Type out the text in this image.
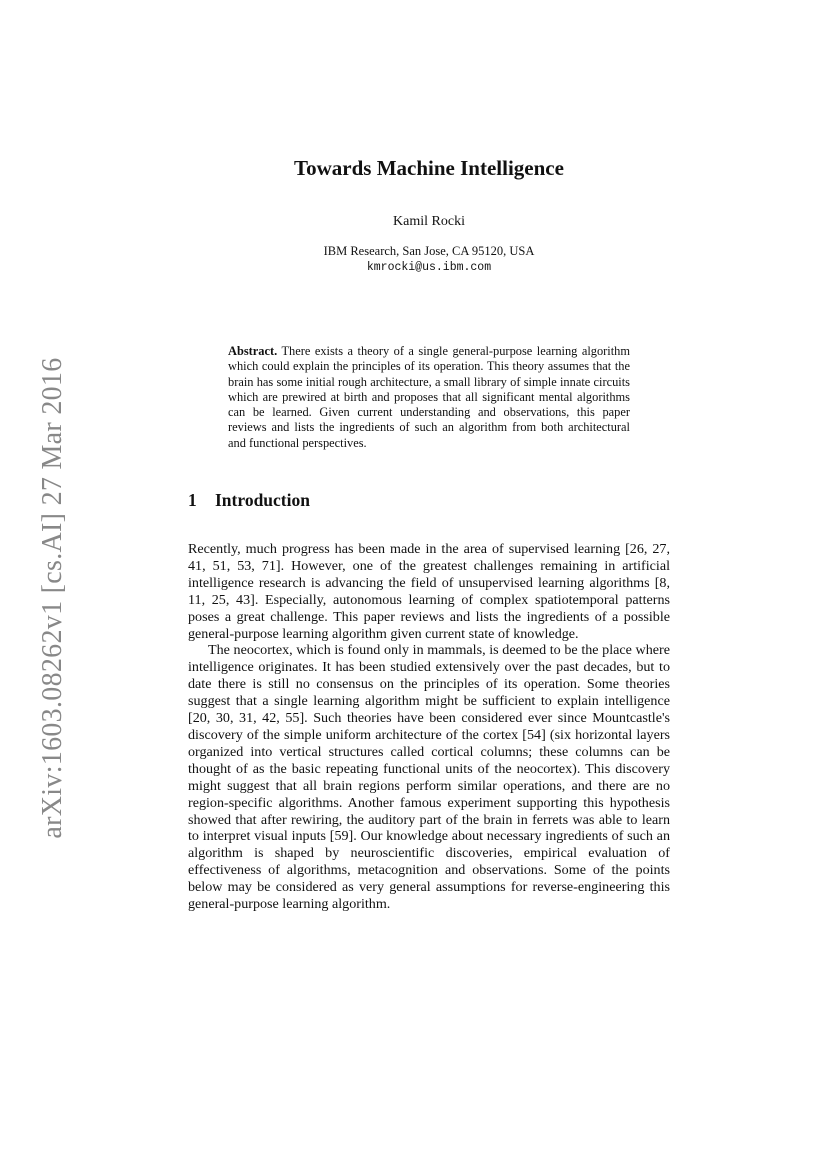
arXiv:1603.08262v1 [cs.AI] 27 Mar 2016
Towards Machine Intelligence
Kamil Rocki
IBM Research, San Jose, CA 95120, USA
kmrocki@us.ibm.com
Abstract. There exists a theory of a single general-purpose learning algorithm which could explain the principles of its operation. This theory assumes that the brain has some initial rough architecture, a small library of simple innate circuits which are prewired at birth and proposes that all significant mental algorithms can be learned. Given current understanding and observations, this paper reviews and lists the ingredients of such an algorithm from both architectural and functional perspectives.
1 Introduction

Recently, much progress has been made in the area of supervised learning [26, 27, 41, 51, 53, 71]. However, one of the greatest challenges remaining in artificial intelligence research is advancing the field of unsupervised learning algorithms [8, 11, 25, 43]. Especially, autonomous learning of complex spatiotemporal patterns poses a great challenge. This paper reviews and lists the ingredients of a possible general-purpose learning algorithm given current state of knowledge.

The neocortex, which is found only in mammals, is deemed to be the place where intelligence originates. It has been studied extensively over the past decades, but to date there is still no consensus on the principles of its operation. Some theories suggest that a single learning algorithm might be sufficient to explain intelligence [20, 30, 31, 42, 55]. Such theories have been considered ever since Mountcastle's discovery of the simple uniform architecture of the cortex [54] (six horizontal layers organized into vertical structures called cortical columns; these columns can be thought of as the basic repeating functional units of the neocortex). This discovery might suggest that all brain regions perform similar operations, and there are no region-specific algorithms. Another famous experiment supporting this hypothesis showed that after rewiring, the auditory part of the brain in ferrets was able to learn to interpret visual inputs [59]. Our knowledge about necessary ingredients of such an algorithm is shaped by neuroscientific discoveries, empirical evaluation of effectiveness of algorithms, metacognition and observations. Some of the points below may be considered as very general assumptions for reverse-engineering this general-purpose learning algorithm.
